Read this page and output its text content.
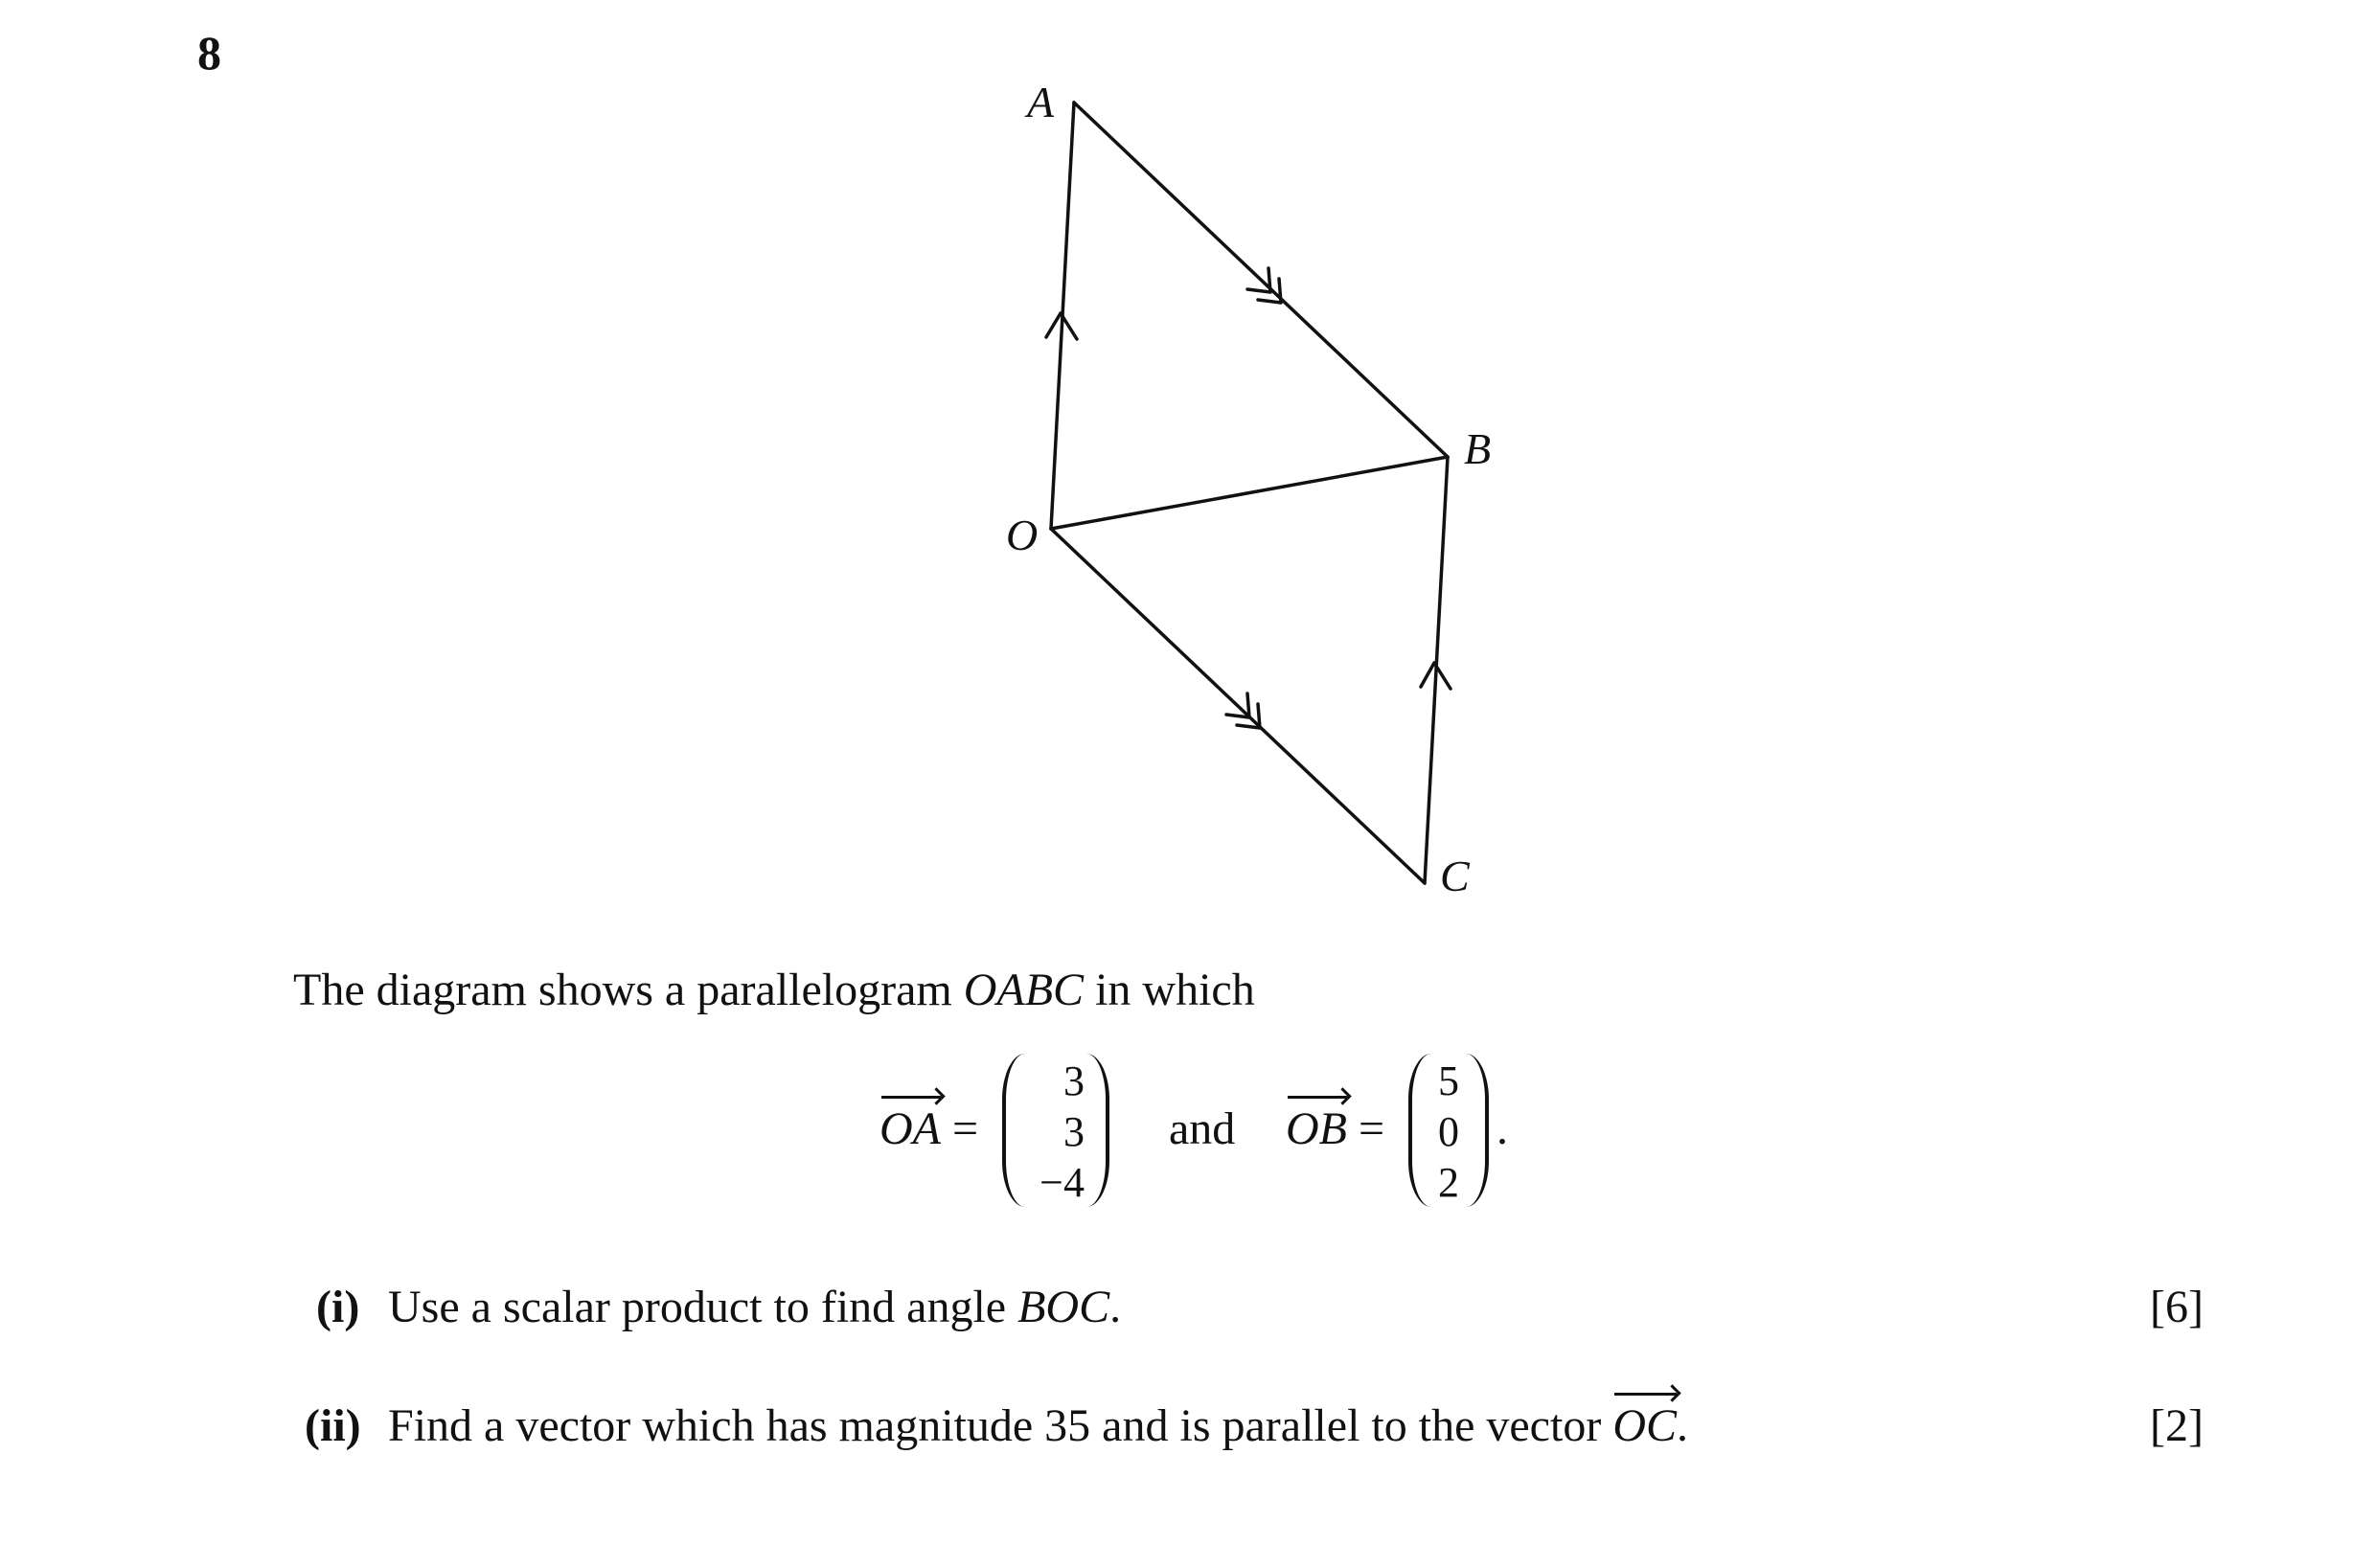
8
A
B
O
C
The diagram shows a parallelogram OABC in which
OA =
3
3
−4
and OB =
5
0
2
.
(i) Use a scalar product to find angle BOC.	[6]
(ii) Find a vector which has magnitude 35 and is parallel to the vector OC.	[2]
